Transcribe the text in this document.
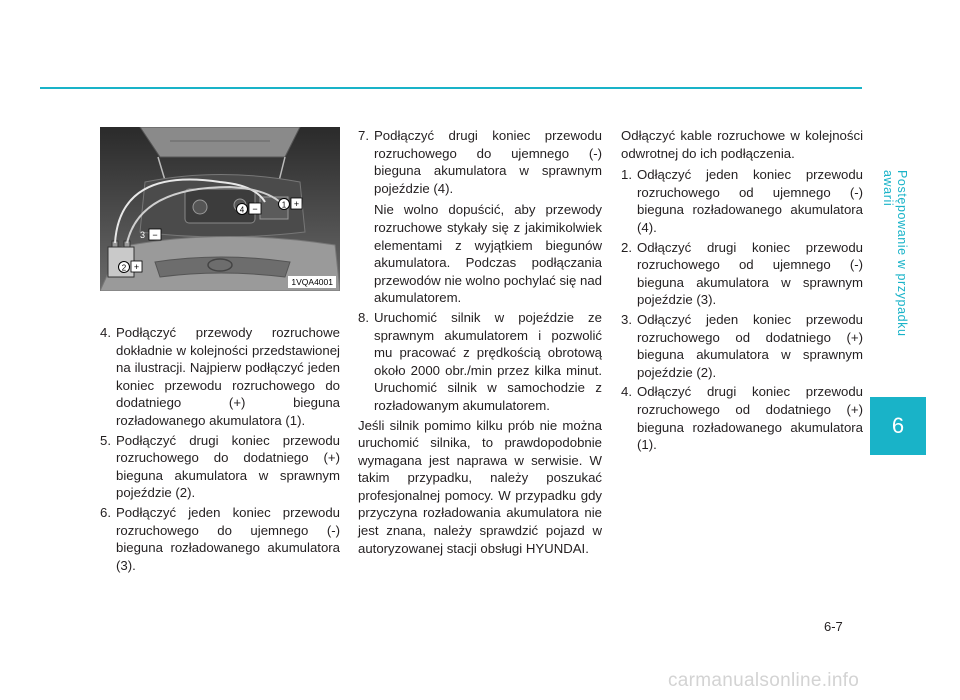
Postępowanie w przypadku awarii
6
1 +
4 −
3 −
2 +
1VQA4001
4. Podłączyć przewody rozruchowe dokładnie w kolejności przedstawionej na ilustracji. Najpierw podłączyć jeden koniec przewodu rozruchowego do dodatniego (+) bieguna rozładowanego akumulatora (1).
5. Podłączyć drugi koniec przewodu rozruchowego do dodatniego (+) bieguna akumulatora w sprawnym pojeździe (2).
6. Podłączyć jeden koniec przewodu rozruchowego do ujemnego (-) bieguna rozładowanego akumulatora (3).
7. Podłączyć drugi koniec przewodu rozruchowego do ujemnego (-) bieguna akumulatora w sprawnym pojeździe (4).

Nie wolno dopuścić, aby przewody rozruchowe stykały się z jakimikolwiek elementami z wyjątkiem biegunów akumulatora. Podczas podłączania przewodów nie wolno pochylać się nad akumulatorem.

8. Uruchomić silnik w pojeździe ze sprawnym akumulatorem i pozwolić mu pracować z prędkością obrotową około 2000 obr./min przez kilka minut. Uruchomić silnik w samochodzie z rozładowanym akumulatorem.

Jeśli silnik pomimo kilku prób nie można uruchomić silnika, to prawdopodobnie wymagana jest naprawa w serwisie. W takim przypadku, należy poszukać profesjonalnej pomocy. W przypadku gdy przyczyna rozładowania akumulatora nie jest znana, należy sprawdzić pojazd w autoryzowanej stacji obsługi HYUNDAI.

Odłączyć kable rozruchowe w kolejności odwrotnej do ich podłączenia.

1. Odłączyć jeden koniec przewodu rozruchowego od ujemnego (-) bieguna rozładowanego akumulatora (4).
2. Odłączyć drugi koniec przewodu rozruchowego od ujemnego (-) bieguna akumulatora w sprawnym pojeździe (3).
3. Odłączyć jeden koniec przewodu rozruchowego od dodatniego (+) bieguna akumulatora w sprawnym pojeździe (2).
4. Odłączyć drugi koniec przewodu rozruchowego od dodatniego (+) bieguna rozładowanego akumulatora (1).
6-7
carmanualsonline.info
